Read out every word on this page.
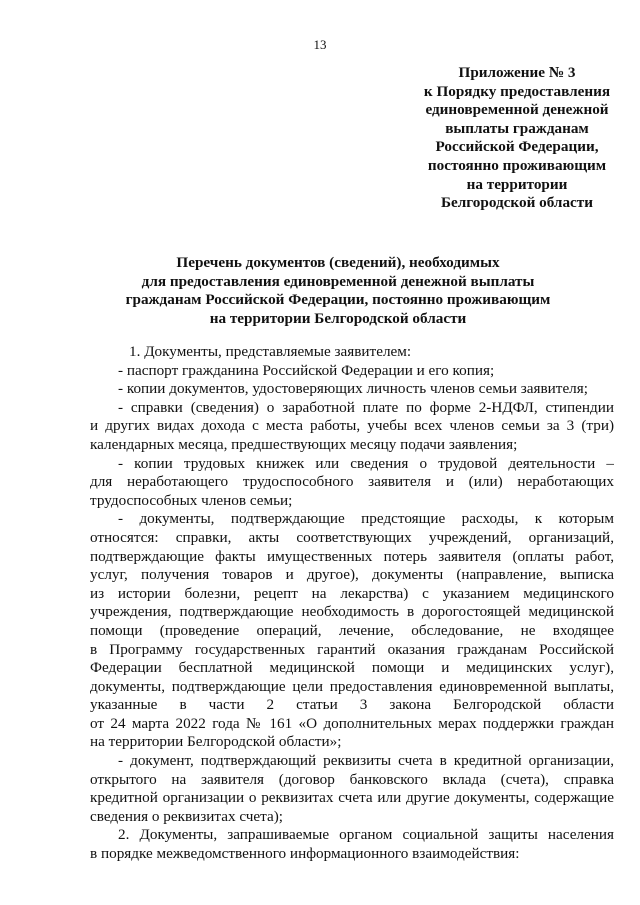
13
Приложение № 3
к Порядку предоставления
единовременной денежной
выплаты гражданам
Российской Федерации,
постоянно проживающим
на территории
Белгородской области
Перечень документов (сведений), необходимых
для предоставления единовременной денежной выплаты
гражданам Российской Федерации, постоянно проживающим
на территории Белгородской области
1. Документы, представляемые заявителем:
- паспорт гражданина Российской Федерации и его копия;
- копии документов, удостоверяющих личность членов семьи заявителя;
- справки (сведения) о заработной плате по форме 2-НДФЛ, стипендии
и других видах дохода с места работы, учебы всех членов семьи за 3 (три)
календарных месяца, предшествующих месяцу подачи заявления;
- копии трудовых книжек или сведения о трудовой деятельности –
для неработающего трудоспособного заявителя и (или) неработающих
трудоспособных членов семьи;
- документы, подтверждающие предстоящие расходы, к которым
относятся: справки, акты соответствующих учреждений, организаций,
подтверждающие факты имущественных потерь заявителя (оплаты работ,
услуг, получения товаров и другое), документы (направление, выписка
из истории болезни, рецепт на лекарства) с указанием медицинского
учреждения, подтверждающие необходимость в дорогостоящей медицинской
помощи (проведение операций, лечение, обследование, не входящее
в Программу государственных гарантий оказания гражданам Российской
Федерации бесплатной медицинской помощи и медицинских услуг),
документы, подтверждающие цели предоставления единовременной выплаты,
указанные в части 2 статьи 3 закона Белгородской области
от 24 марта 2022 года № 161 «О дополнительных мерах поддержки граждан
на территории Белгородской области»;
- документ, подтверждающий реквизиты счета в кредитной организации,
открытого на заявителя (договор банковского вклада (счета), справка
кредитной организации о реквизитах счета или другие документы, содержащие
сведения о реквизитах счета);
2. Документы, запрашиваемые органом социальной защиты населения
в порядке межведомственного информационного взаимодействия:
